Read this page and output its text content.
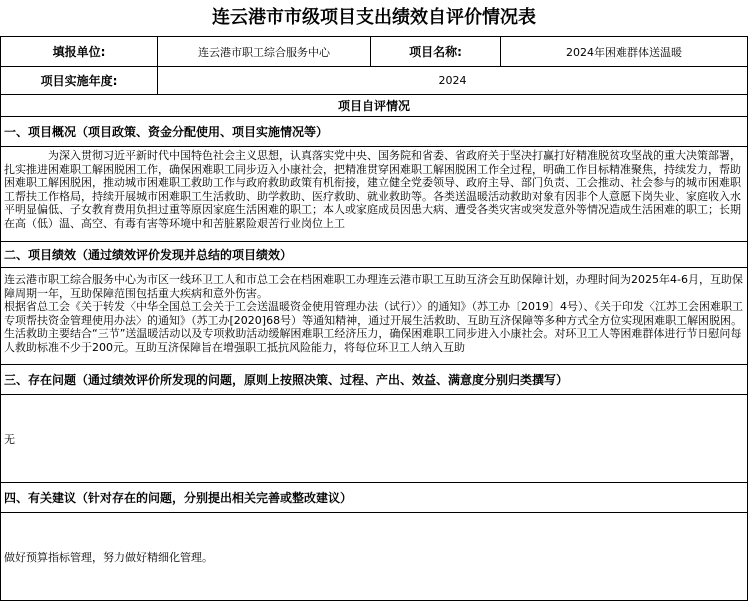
连云港市市级项目支出绩效自评价情况表
填报单位:	连云港市职工综合服务中心	项目名称:	2024年困难群体送温暖
项目实施年度:	2024		
项目自评情况			
一、项目概况（项目政策、资金分配使用、项目实施情况等）			

为深入贯彻习近平新时代中国特色社会主义思想，认真落实党中央、国务院和省委、省政府关于坚决打赢打好精准脱贫攻坚战的重大决策部署，扎实推进困难职工解困脱困工作，确保困难职工同步迈入小康社会，把精准贯穿困难职工解困脱困工作全过程，明确工作目标精准聚焦，持续发力，帮助困难职工解困脱困，推动城市困难职工救助工作与政府救助政策有机衔接，建立健全党委领导、政府主导、部门负责、工会推动、社会参与的城市困难职工帮扶工作格局，持续开展城市困难职工生活救助、助学救助、医疗救助、就业救助等。各类送温暖活动救助对象有因非个人意愿下岗失业、家庭收入水平明显偏低、子女教育费用负担过重等原因家庭生活困难的职工；本人或家庭成员因患大病、遭受各类灾害或突发意外等情况造成生活困难的职工；长期在高（低）温、高空、有毒有害等环境中和苦脏累险艰苦行业岗位上工			

二、项目绩效（通过绩效评价发现并总结的项目绩效）			

连云港市职工综合服务中心为市区一线环卫工人和市总工会在档困难职工办理连云港市职工互助互济会互助保障计划，办理时间为2025年4-6月，互助保障周期一年，互助保障范围包括重大疾病和意外伤害。
根据省总工会《关于转发〈中华全国总工会关于工会送温暖资金使用管理办法（试行）〉的通知》（苏工办〔2019〕4号）、《关于印发〈江苏工会困难职工专项帮扶资金管理使用办法〉的通知》（苏工办[2020]68号）等通知精神，通过开展生活救助、互助互济保障等多种方式全方位实现困难职工解困脱困。生活救助主要结合“三节”送温暖活动以及专项救助活动缓解困难职工经济压力，确保困难职工同步进入小康社会。对环卫工人等困难群体进行节日慰问每人救助标准不少于200元。互助互济保障旨在增强职工抵抗风险能力，将每位环卫工人纳入互助			

三、存在问题（通过绩效评价所发现的问题，原则上按照决策、过程、产出、效益、满意度分别归类撰写）			
无			
四、有关建议（针对存在的问题，分别提出相关完善或整改建议）			
做好预算指标管理，努力做好精细化管理。			
